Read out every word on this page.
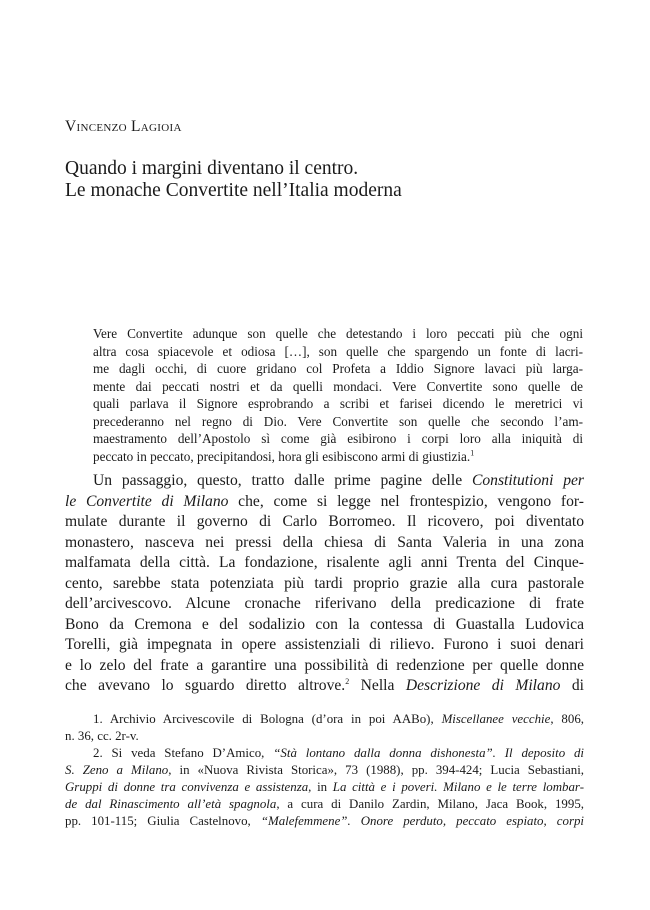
Vincenzo Lagioia
Quando i margini diventano il centro.
Le monache Convertite nell’Italia moderna
Vere Convertite adunque son quelle che detestando i loro peccati più che ogni
altra cosa spiacevole et odiosa […], son quelle che spargendo un fonte di lacri-
me dagli occhi, di cuore gridano col Profeta a Iddio Signore lavaci più larga-
mente dai peccati nostri et da quelli mondaci. Vere Convertite sono quelle de
quali parlava il Signore esprobrando a scribi et farisei dicendo le meretrici vi
precederanno nel regno di Dio. Vere Convertite son quelle che secondo l’am-
maestramento dell’Apostolo sì come già esibirono i corpi loro alla iniquità di
peccato in peccato, precipitandosi, hora gli esibiscono armi di giustizia.$^1$
Un passaggio, questo, tratto dalle prime pagine delle Constitutioni per
le Convertite di Milano che, come si legge nel frontespizio, vengono for-
mulate durante il governo di Carlo Borromeo. Il ricovero, poi diventato
monastero, nasceva nei pressi della chiesa di Santa Valeria in una zona
malfamata della città. La fondazione, risalente agli anni Trenta del Cinque-
cento, sarebbe stata potenziata più tardi proprio grazie alla cura pastorale
dell’arcivescovo. Alcune cronache riferivano della predicazione di frate
Bono da Cremona e del sodalizio con la contessa di Guastalla Ludovica
Torelli, già impegnata in opere assistenziali di rilievo. Furono i suoi denari
e lo zelo del frate a garantire una possibilità di redenzione per quelle donne
che avevano lo sguardo diretto altrove.$^2$ Nella Descrizione di Milano di
1. Archivio Arcivescovile di Bologna (d’ora in poi AABo), Miscellanee vecchie, 806,
n. 36, cc. 2r-v.
2. Si veda Stefano D’Amico, “Stà lontano dalla donna dishonesta”. Il deposito di
S. Zeno a Milano, in «Nuova Rivista Storica», 73 (1988), pp. 394-424; Lucia Sebastiani,
Gruppi di donne tra convivenza e assistenza, in La città e i poveri. Milano e le terre lombar-
de dal Rinascimento all’età spagnola, a cura di Danilo Zardin, Milano, Jaca Book, 1995,
pp. 101-115; Giulia Castelnovo, “Malefemmene”. Onore perduto, peccato espiato, corpi
